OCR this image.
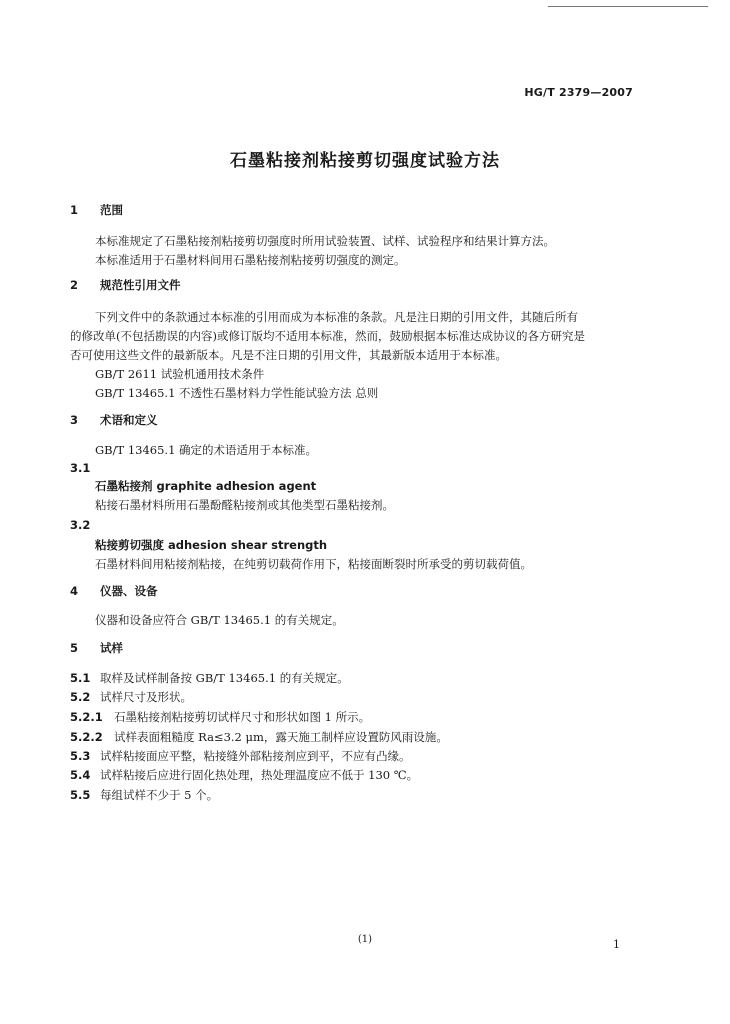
HG/T 2379—2007
石墨粘接剂粘接剪切强度试验方法
1 范围
本标准规定了石墨粘接剂粘接剪切强度时所用试验装置、试样、试验程序和结果计算方法。
本标准适用于石墨材料间用石墨粘接剂粘接剪切强度的测定。
2 规范性引用文件
下列文件中的条款通过本标准的引用而成为本标准的条款。凡是注日期的引用文件，其随后所有
的修改单(不包括勘误的内容)或修订版均不适用本标准，然而，鼓励根据本标准达成协议的各方研究是
否可使用这些文件的最新版本。凡是不注日期的引用文件，其最新版本适用于本标准。
GB/T 2611 试验机通用技术条件
GB/T 13465.1 不透性石墨材料力学性能试验方法 总则
3 术语和定义
GB/T 13465.1 确定的术语适用于本标准。
3.1
石墨粘接剂 graphite adhesion agent
粘接石墨材料所用石墨酚醛粘接剂或其他类型石墨粘接剂。
3.2
粘接剪切强度 adhesion shear strength
石墨材料间用粘接剂粘接，在纯剪切载荷作用下，粘接面断裂时所承受的剪切载荷值。
4 仪器、设备
仪器和设备应符合 GB/T 13465.1 的有关规定。
5 试样
5.1 取样及试样制备按 GB/T 13465.1 的有关规定。
5.2 试样尺寸及形状。
5.2.1 石墨粘接剂粘接剪切试样尺寸和形状如图 1 所示。
5.2.2 试样表面粗糙度 Ra≤3.2 μm，露天施工制样应设置防风雨设施。
5.3 试样粘接面应平整，粘接缝外部粘接剂应到平，不应有凸缘。
5.4 试样粘接后应进行固化热处理，热处理温度应不低于 130 ℃。
5.5 每组试样不少于 5 个。
(1)	1
